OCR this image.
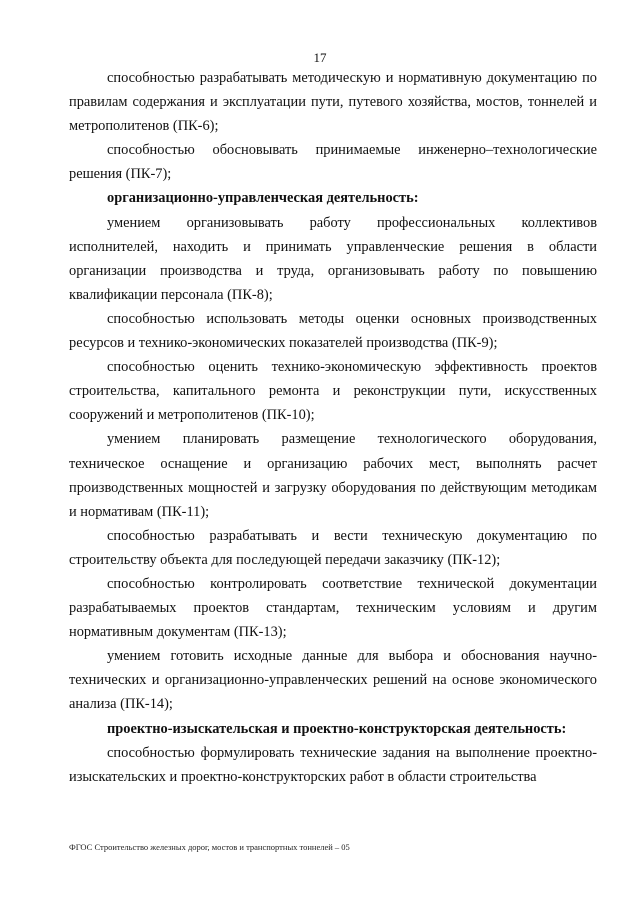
17

способностью разрабатывать методическую и нормативную документацию по правилам содержания и эксплуатации пути, путевого хозяйства, мостов, тоннелей и метрополитенов (ПК-6);

способностью обосновывать принимаемые инженерно–технологические решения (ПК-7);

организационно-управленческая деятельность:

умением организовывать работу профессиональных коллективов исполнителей, находить и принимать управленческие решения в области организации производства и труда, организовывать работу по повышению квалификации персонала (ПК-8);

способностью использовать методы оценки основных производственных ресурсов и технико-экономических показателей производства (ПК-9);

способностью оценить технико-экономическую эффективность проектов строительства, капитального ремонта и реконструкции пути, искусственных сооружений и метрополитенов (ПК-10);

умением планировать размещение технологического оборудования, техническое оснащение и организацию рабочих мест, выполнять расчет производственных мощностей и загрузку оборудования по действующим методикам и нормативам (ПК-11);

способностью разрабатывать и вести техническую документацию по строительству объекта для последующей передачи заказчику (ПК-12);

способностью контролировать соответствие технической документации разрабатываемых проектов стандартам, техническим условиям и другим нормативным документам (ПК-13);

умением готовить исходные данные для выбора и обоснования научно-технических и организационно-управленческих решений на основе экономического анализа (ПК-14);

проектно-изыскательская и проектно-конструкторская деятельность:

способностью формулировать технические задания на выполнение проектно-изыскательских и проектно-конструкторских работ в области строительства

ФГОС Строительство железных дорог, мостов и транспортных тоннелей – 05
